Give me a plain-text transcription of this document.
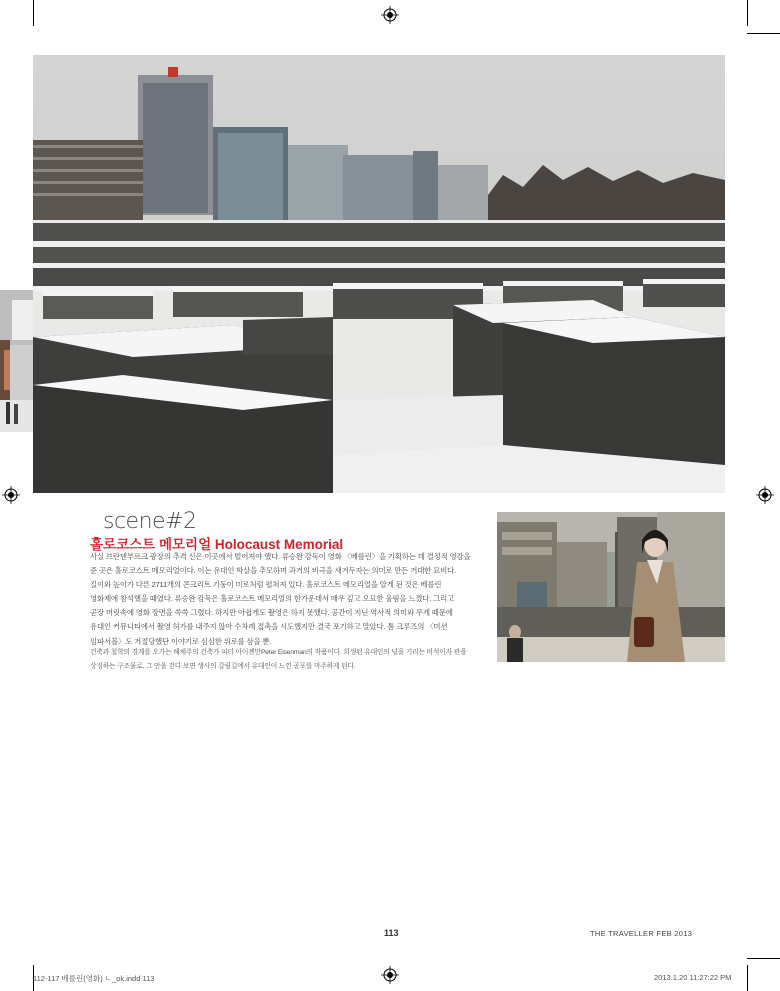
scene#2
홀로코스트 메모리얼 Holocaust Memorial

사실 브란덴부르크 광장의 추격 신은 이곳에서 벌어져야 했다. 류승완 감독이 영화 〈베를린〉을 기획하는 데 결정적 영감을

준 곳은 홀로코스트 메모리얼이다. 이는 유대인 학살을 추모하며 과거의 비극을 새겨두자는 의미로 만든 거대한 묘비다.

길이와 높이가 다른 2711개의 콘크리트 기둥이 미로처럼 펼쳐져 있다. 홀로코스트 메모리얼을 알게 된 것은 베를린

영화제에 참석했을 때였다. 류승완 감독은 홀로코스트 메모리얼의 한가운데서 매우 깊고 오묘한 울림을 느꼈다. 그리고

곧장 머릿속에 영화 장면을 쓱쓱 그렸다. 하지만 아쉽게도 촬영은 하지 못했다. 공간이 지닌 역사적 의미와 무게 때문에

유대인 커뮤니티에서 촬영 허가를 내주지 않아 수차례 접촉을 시도했지만 결국 포기하고 말았다. 톰 크루즈의 〈미션

임파서블〉도 거절당했단 이야기로 심심한 위로를 삼을 뿐.

건축과 철학의 경계를 오가는 해체주의 건축가 피터 아이젠만Peter Eisenman의 작품이다. 희생된 유대인의 넋을 기리는 비석이자 관을

상징하는 구조물로, 그 안을 걷다 보면 생사의 갈림길에서 유대인이 느낀 공포를 마주하게 된다.

113	THE TRAVELLER FEB 2013
112-117 베를린(영화) ㄴ_ok.indd 113	2013.1.20 11:27:22 PM
